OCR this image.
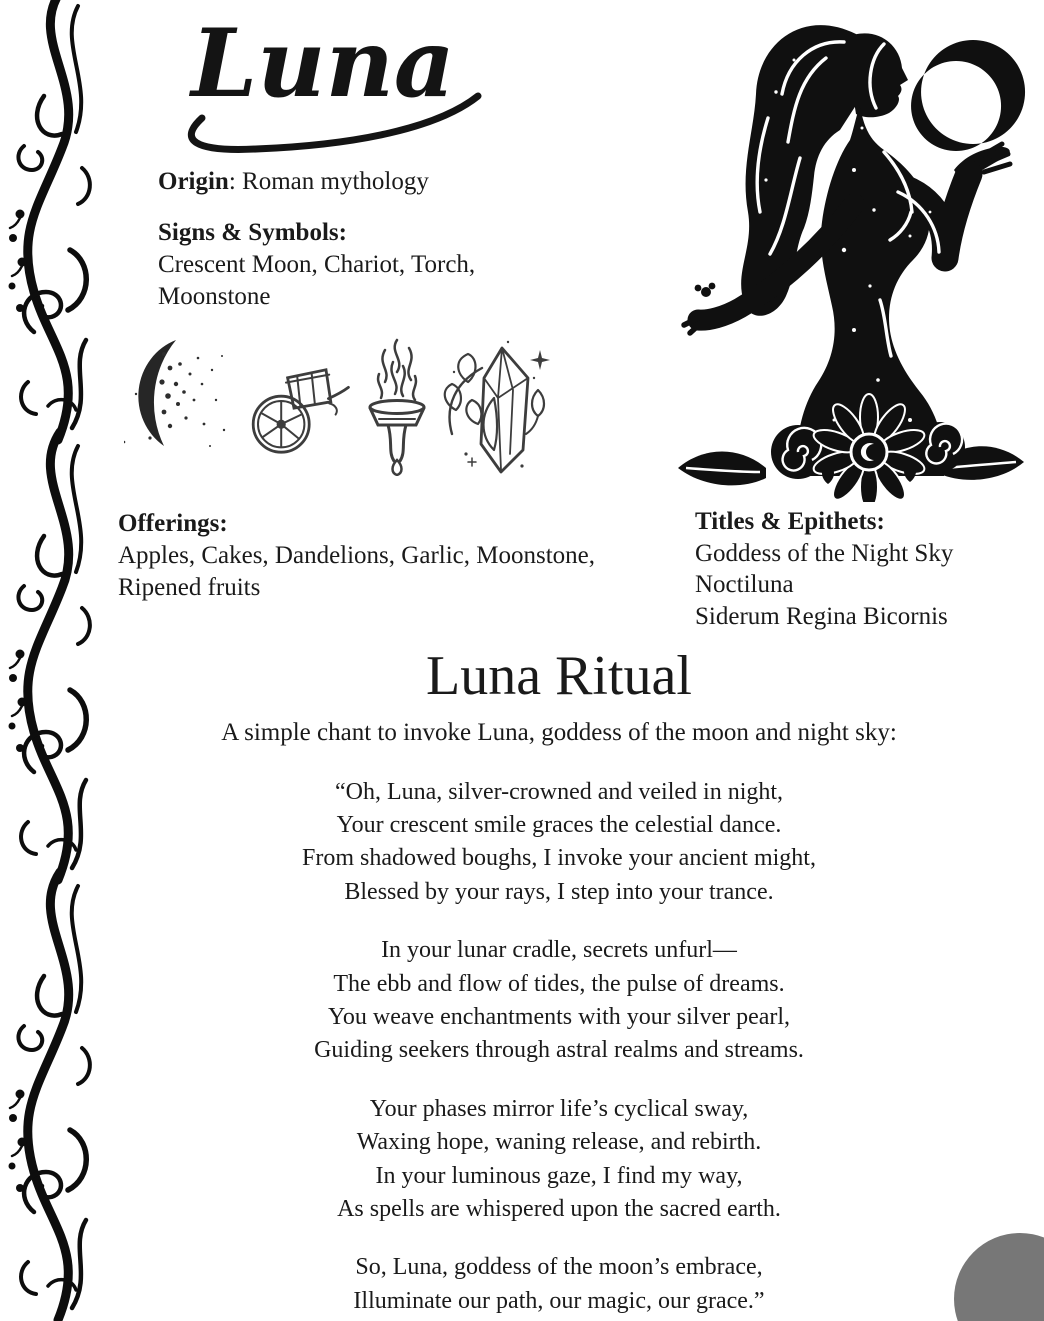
Luna
Origin: Roman mythology
Signs & Symbols:
Crescent Moon, Chariot, Torch,
Moonstone
Offerings:
Apples, Cakes, Dandelions, Garlic, Moonstone,
Ripened fruits
Titles & Epithets:
Goddess of the Night Sky
Noctiluna
Siderum Regina Bicornis
Luna Ritual

A simple chant to invoke Luna, goddess of the moon and night sky:

“Oh, Luna, silver-crowned and veiled in night,
Your crescent smile graces the celestial dance.
From shadowed boughs, I invoke your ancient might,
Blessed by your rays, I step into your trance.

In your lunar cradle, secrets unfurl—
The ebb and flow of tides, the pulse of dreams.
You weave enchantments with your silver pearl,
Guiding seekers through astral realms and streams.

Your phases mirror life’s cyclical sway,
Waxing hope, waning release, and rebirth.
In your luminous gaze, I find my way,
As spells are whispered upon the sacred earth.

So, Luna, goddess of the moon’s embrace,
Illuminate our path, our magic, our grace.”
